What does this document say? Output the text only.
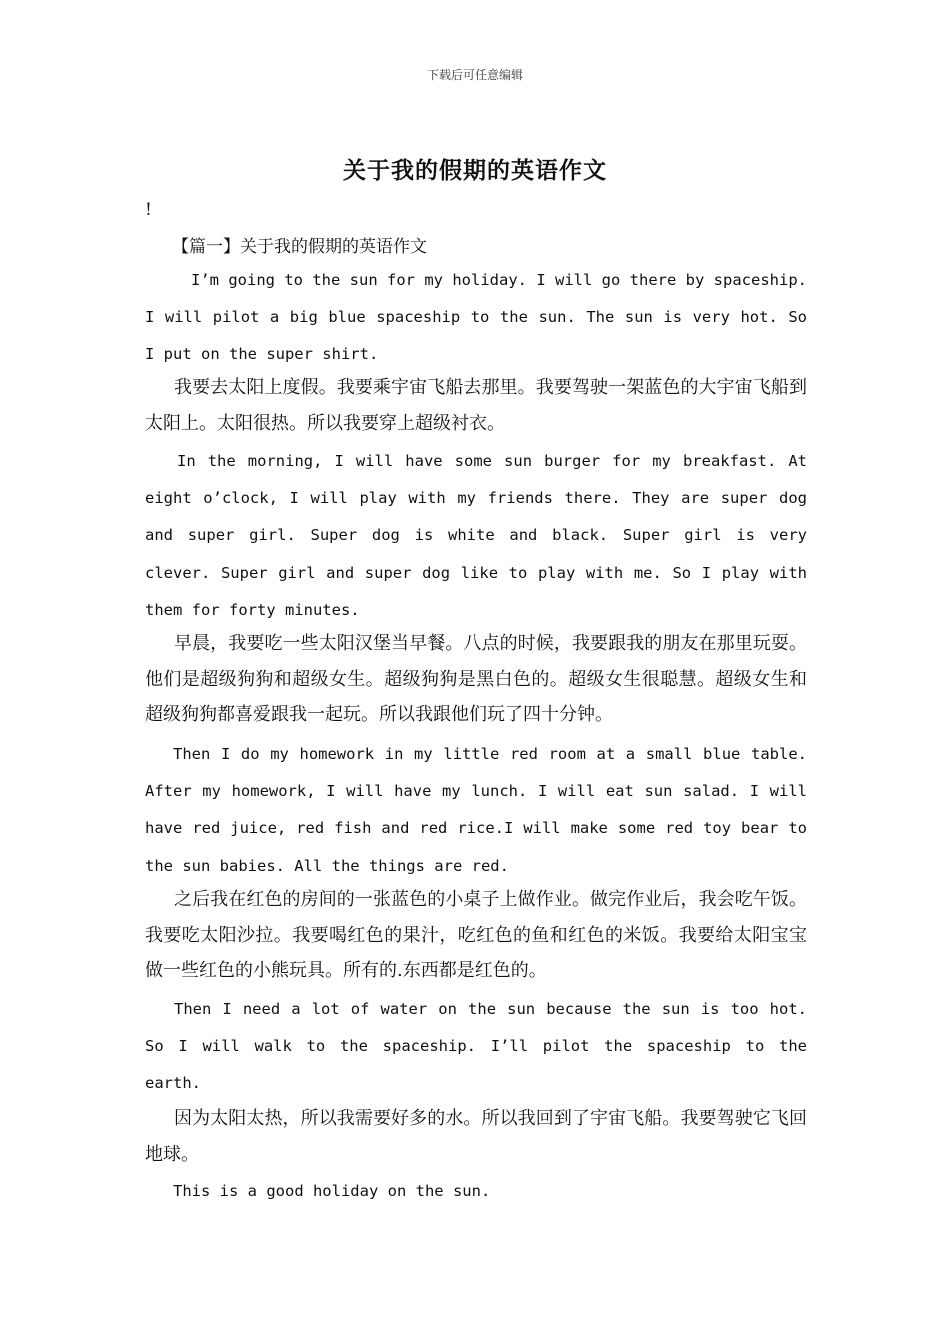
下载后可任意编辑
关于我的假期的英语作文
!
【篇一】关于我的假期的英语作文

I’m going to the sun for my holiday. I will go there by spaceship. I will pilot a big blue spaceship to the sun. The sun is very hot. So I put on the super shirt.

我要去太阳上度假。我要乘宇宙飞船去那里。我要驾驶一架蓝色的大宇宙飞船到太阳上。太阳很热。所以我要穿上超级衬衣。

In the morning, I will have some sun burger for my breakfast. At eight o’clock, I will play with my friends there. They are super dog and super girl. Super dog is white and black. Super girl is very clever. Super girl and super dog like to play with me. So I play with them for forty minutes.

早晨，我要吃一些太阳汉堡当早餐。八点的时候，我要跟我的朋友在那里玩耍。他们是超级狗狗和超级女生。超级狗狗是黑白色的。超级女生很聪慧。超级女生和超级狗狗都喜爱跟我一起玩。所以我跟他们玩了四十分钟。

Then I do my homework in my little red room at a small blue table. After my homework, I will have my lunch. I will eat sun salad. I will have red juice, red fish and red rice.I will make some red toy bear to the sun babies. All the things are red.

之后我在红色的房间的一张蓝色的小桌子上做作业。做完作业后，我会吃午饭。我要吃太阳沙拉。我要喝红色的果汁，吃红色的鱼和红色的米饭。我要给太阳宝宝做一些红色的小熊玩具。所有的.东西都是红色的。

Then I need a lot of water on the sun because the sun is too hot. So I will walk to the spaceship. I’ll pilot the spaceship to the earth.

因为太阳太热，所以我需要好多的水。所以我回到了宇宙飞船。我要驾驶它飞回地球。

This is a good holiday on the sun.
